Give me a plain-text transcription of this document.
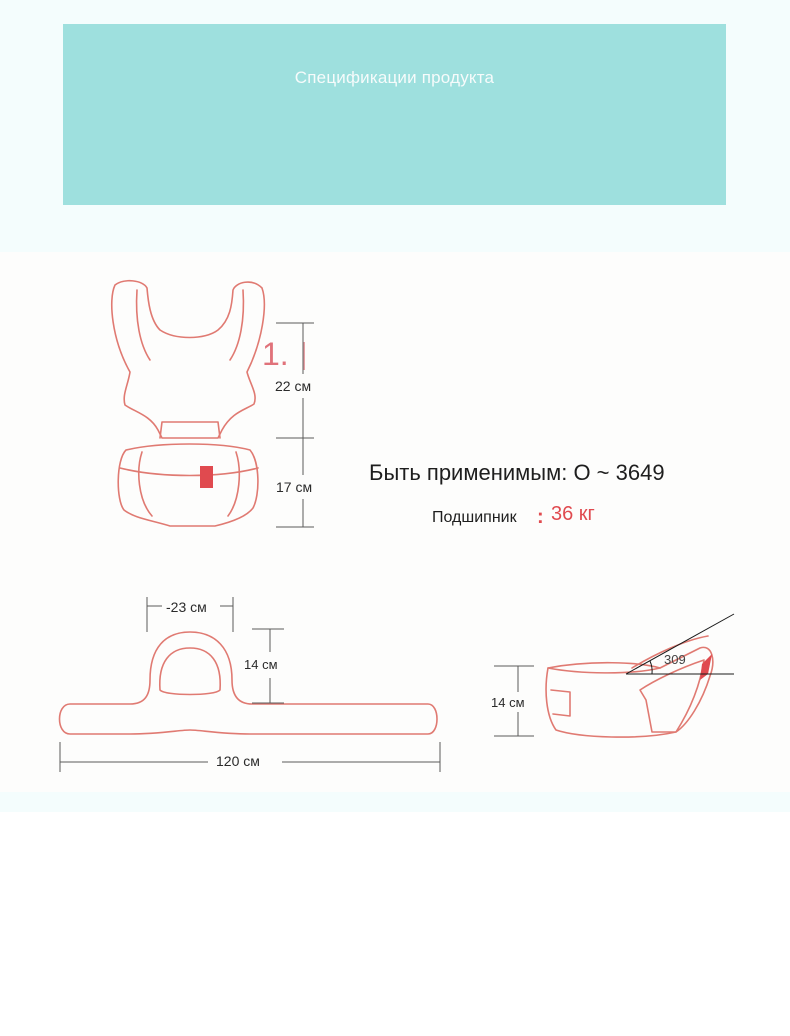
Спецификации продукта
1.
22 см
17 см
Быть применимым: O ~ 3649
Подшипник : 36 кг
-23 см
14 см
120 см
14 см
309
